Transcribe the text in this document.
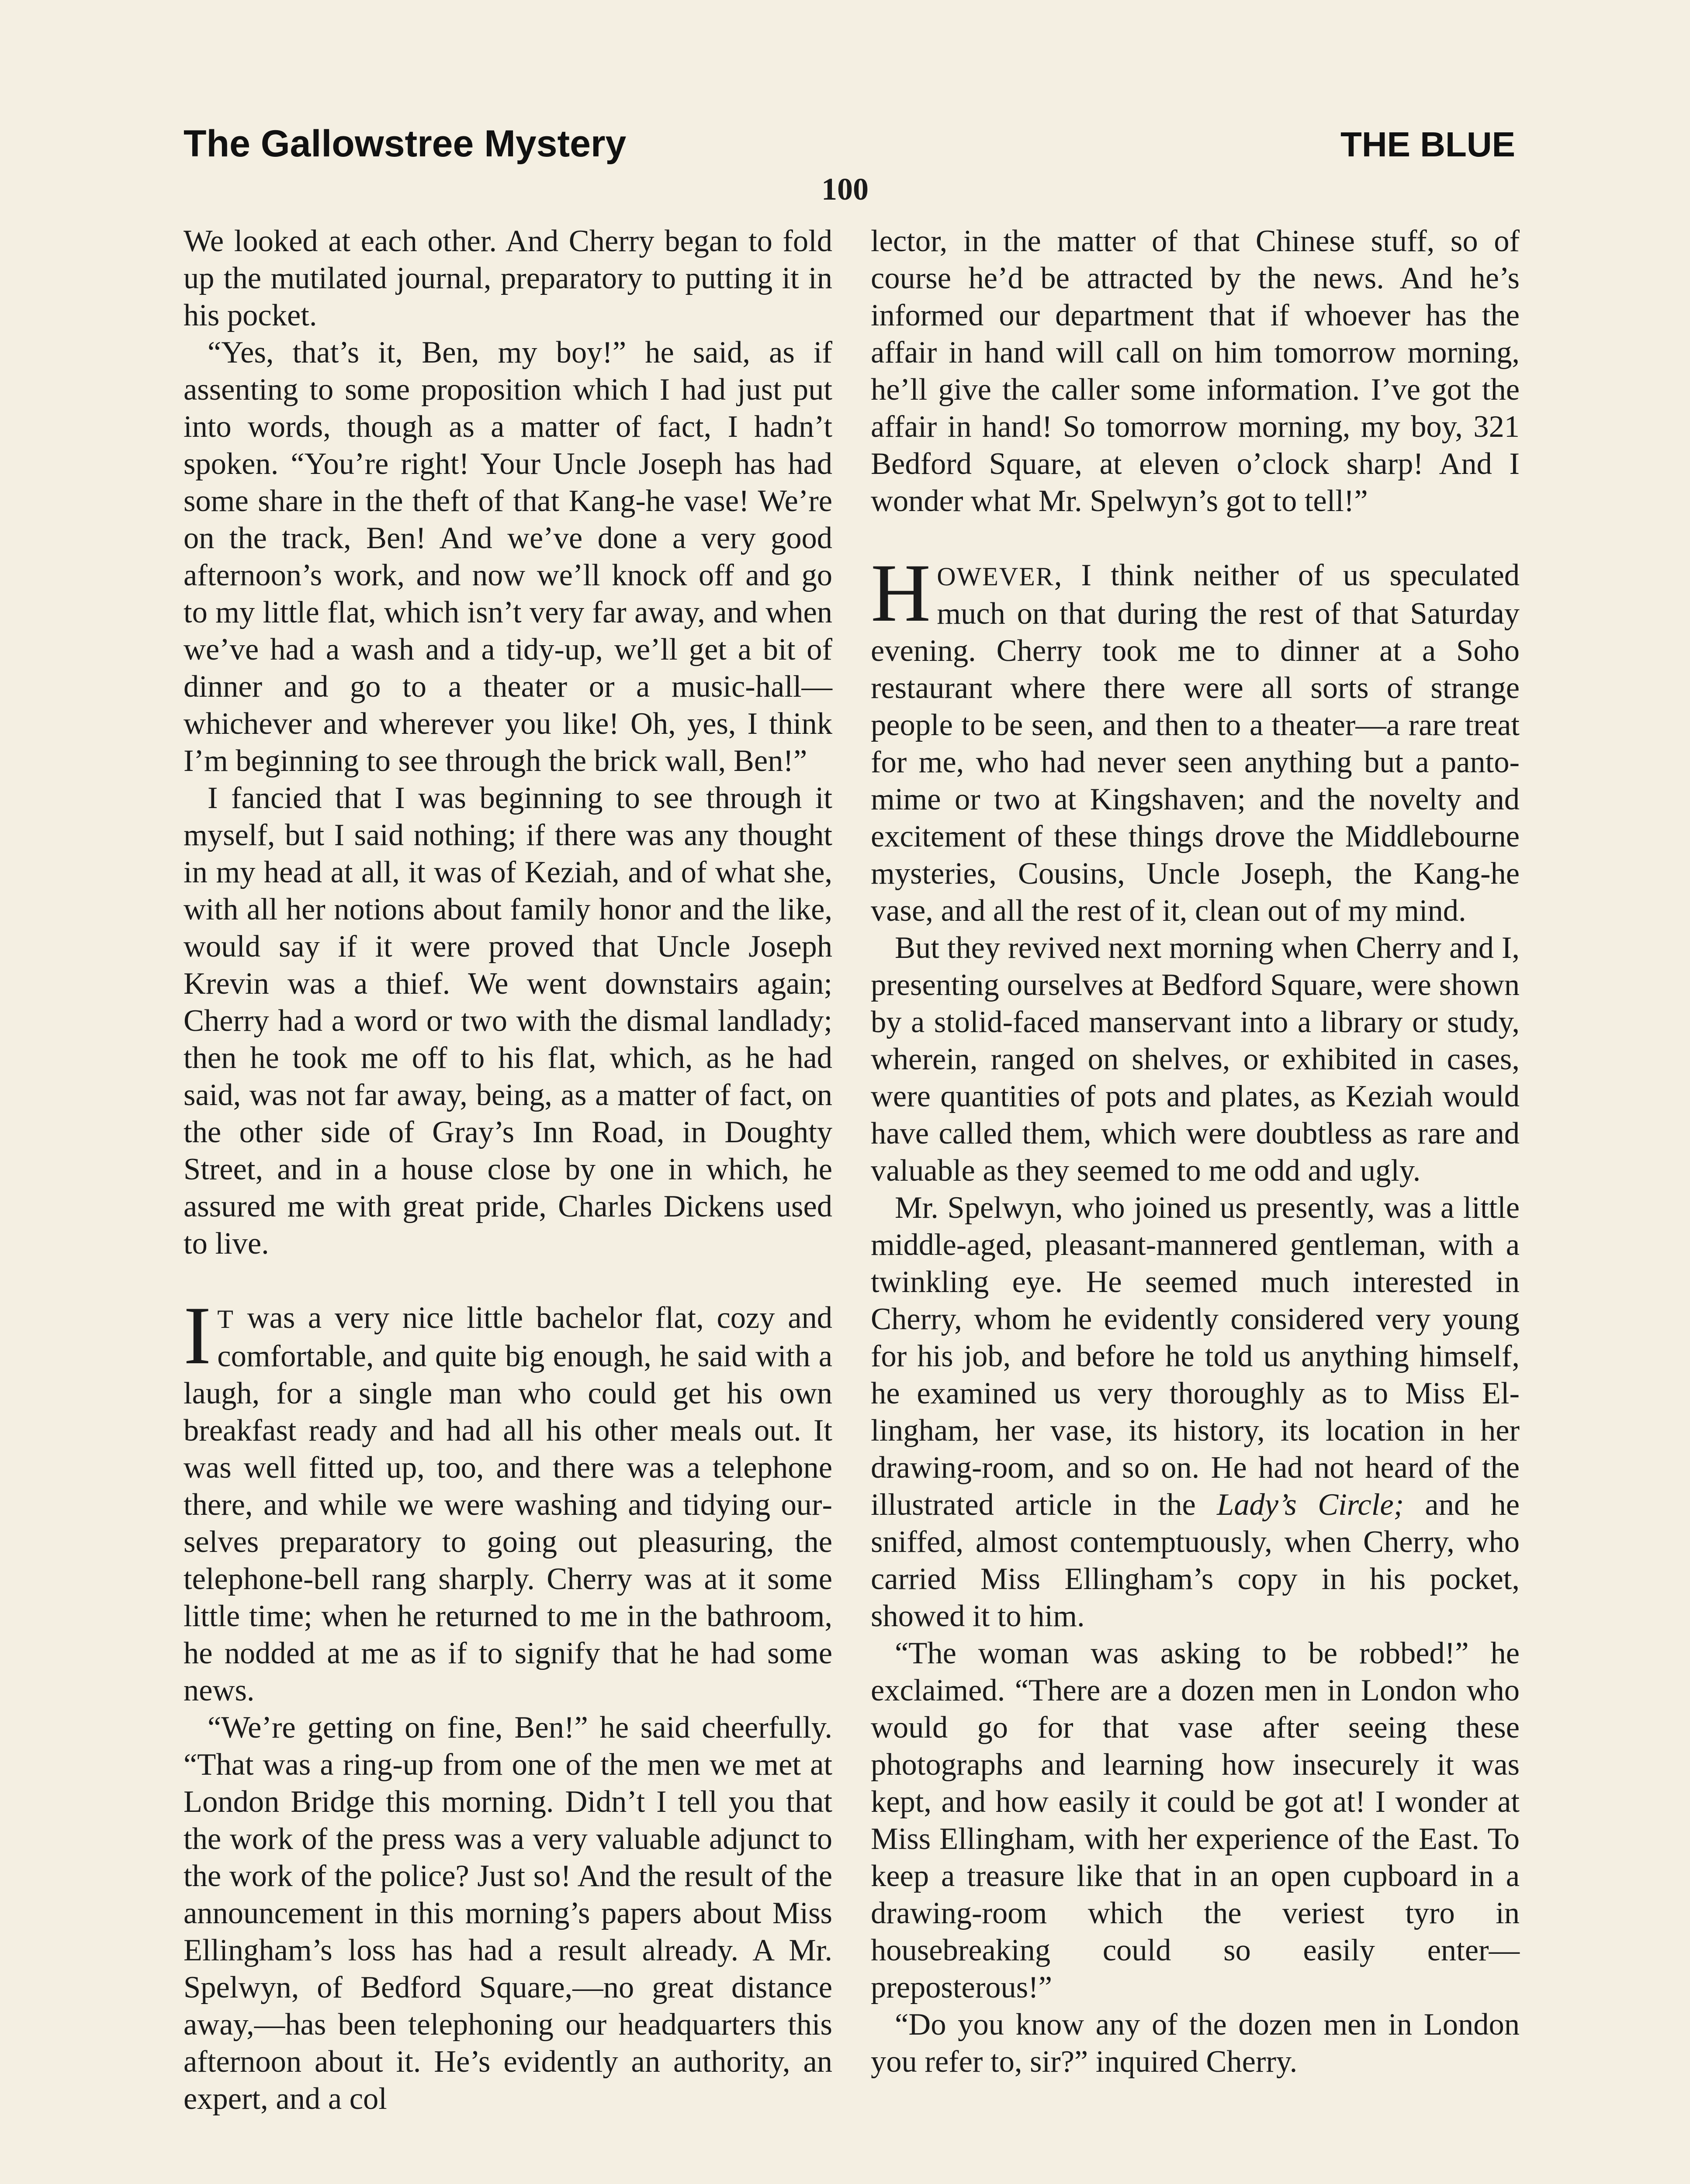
The Gallowstree Mystery	THE BLUE
100

We looked at each other. And Cherry began to fold up the mutilated journal, preparatory to putting it in his pocket.

“Yes, that’s it, Ben, my boy!” he said, as if assenting to some proposition which I had just put into words, though as a matter of fact, I hadn’t spoken. “You’re right! Your Uncle Joseph has had some share in the theft of that Kang-he vase! We’re on the track, Ben! And we’ve done a very good afternoon’s work, and now we’ll knock off and go to my little flat, which isn’t very far away, and when we’ve had a wash and a tidy-up, we’ll get a bit of dinner and go to a theater or a music-hall—whichever and wherever you like! Oh, yes, I think I’m beginning to see through the brick wall, Ben!”

I fancied that I was beginning to see through it myself, but I said nothing; if there was any thought in my head at all, it was of Keziah, and of what she, with all her notions about family honor and the like, would say if it were proved that Uncle Joseph Krevin was a thief. We went downstairs again; Cherry had a word or two with the dismal landlady; then he took me off to his flat, which, as he had said, was not far away, being, as a matter of fact, on the other side of Gray’s Inn Road, in Doughty Street, and in a house close by one in which, he assured me with great pride, Charles Dickens used to live.

I T was a very nice little bachelor flat, cozy and comfortable, and quite big enough, he said with a laugh, for a single man who could get his own breakfast ready and had all his other meals out. It was well fitted up, too, and there was a telephone there, and while we were washing and tidying ourselves preparatory to going out pleasuring, the telephone-bell rang sharply. Cherry was at it some little time; when he returned to me in the bathroom, he nodded at me as if to signify that he had some news.

“We’re getting on fine, Ben!” he said cheerfully. “That was a ring-up from one of the men we met at London Bridge this morning. Didn’t I tell you that the work of the press was a very valuable adjunct to the work of the police? Just so! And the result of the announcement in this morning’s papers about Miss Ellingham’s loss has had a result already. A Mr. Spelwyn, of Bedford Square,—no great distance away,—has been telephoning our headquarters this afternoon about it. He’s evidently an authority, an expert, and a col

lector, in the matter of that Chinese stuff, so of course he’d be attracted by the news. And he’s informed our department that if whoever has the affair in hand will call on him tomorrow morning, he’ll give the caller some information. I’ve got the affair in hand! So tomorrow morning, my boy, 321 Bedford Square, at eleven o’clock sharp! And I wonder what Mr. Spelwyn’s got to tell!”

HOWEVER, I think neither of us speculated much on that during the rest of that Saturday evening. Cherry took me to dinner at a Soho restaurant where there were all sorts of strange people to be seen, and then to a theater—a rare treat for me, who had never seen anything but a pantomime or two at Kingshaven; and the novelty and excitement of these things drove the Middlebourne mysteries, Cousins, Uncle Joseph, the Kang-he vase, and all the rest of it, clean out of my mind.

But they revived next morning when Cherry and I, presenting ourselves at Bedford Square, were shown by a stolid-faced manservant into a library or study, wherein, ranged on shelves, or exhibited in cases, were quantities of pots and plates, as Keziah would have called them, which were doubtless as rare and valuable as they seemed to me odd and ugly.

Mr. Spelwyn, who joined us presently, was a little middle-aged, pleasant-mannered gentleman, with a twinkling eye. He seemed much interested in Cherry, whom he evidently considered very young for his job, and before he told us anything himself, he examined us very thoroughly as to Miss Ellingham, her vase, its history, its location in her drawing-room, and so on. He had not heard of the illustrated article in the Lady’s Circle; and he sniffed, almost contemptuously, when Cherry, who carried Miss Ellingham’s copy in his pocket, showed it to him.

“The woman was asking to be robbed!” he exclaimed. “There are a dozen men in London who would go for that vase after seeing these photographs and learning how insecurely it was kept, and how easily it could be got at! I wonder at Miss Ellingham, with her experience of the East. To keep a treasure like that in an open cupboard in a drawing-room which the veriest tyro in housebreaking could so easily enter—preposterous!”

“Do you know any of the dozen men in London you refer to, sir?” inquired Cherry.
